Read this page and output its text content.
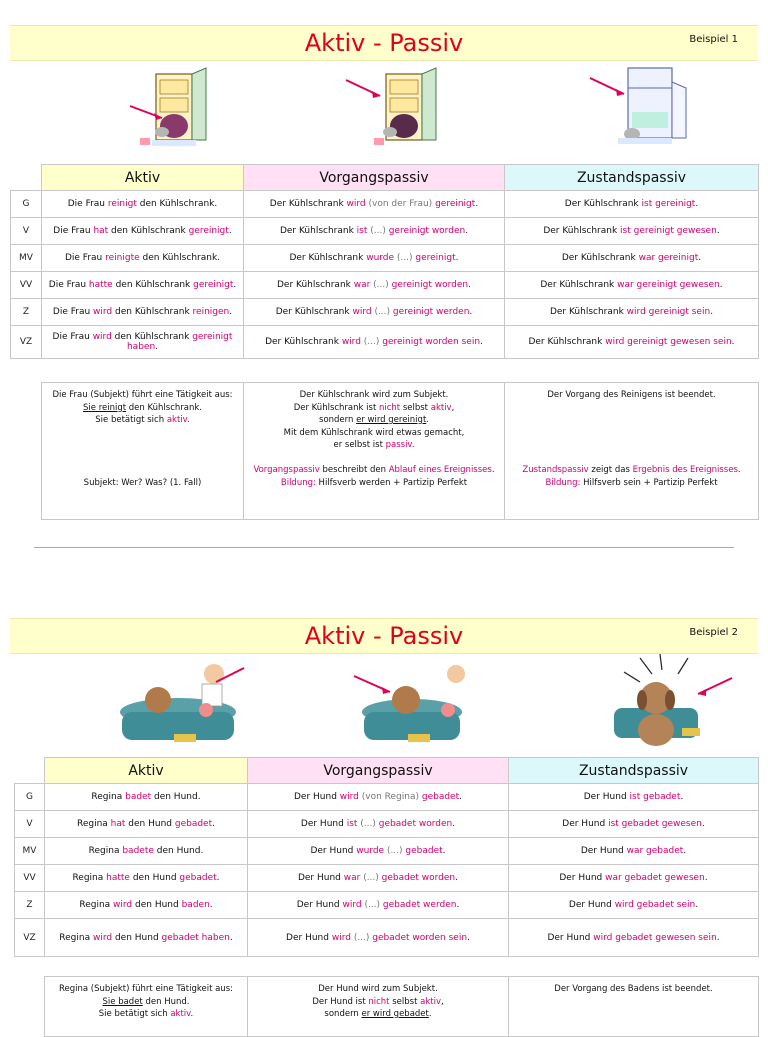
Aktiv - Passiv	Beispiel 1
	Aktiv	Vorgangspassiv	Zustandspassiv
G	Die Frau reinigt den Kühlschrank.	Der Kühlschrank wird (von der Frau) gereinigt.	Der Kühlschrank ist gereinigt.
V	Die Frau hat den Kühlschrank gereinigt.	Der Kühlschrank ist (...) gereinigt worden.	Der Kühlschrank ist gereinigt gewesen.
MV	Die Frau reinigte den Kühlschrank.	Der Kühlschrank wurde (...) gereinigt.	Der Kühlschrank war gereinigt.
VV	Die Frau hatte den Kühlschrank gereinigt.	Der Kühlschrank war (...) gereinigt worden.	Der Kühlschrank war gereinigt gewesen.
Z	Die Frau wird den Kühlschrank reinigen.	Der Kühlschrank wird (...) gereinigt werden.	Der Kühlschrank wird gereinigt sein.
VZ	Die Frau wird den Kühlschrank gereinigt haben.	Der Kühlschrank wird (...) gereinigt worden sein.	Der Kühlschrank wird gereinigt gewesen sein.
Die Frau (Subjekt) führt eine Tätigkeit aus:
Sie reinigt den Kühlschrank.
Sie betätigt sich aktiv.
Subjekt: Wer? Was? (1. Fall)

Der Kühlschrank wird zum Subjekt.
Der Kühlschrank ist nicht selbst aktiv,
sondern er wird gereinigt.
Mit dem Kühlschrank wird etwas gemacht,
er selbst ist passiv.
Vorgangspassiv beschreibt den Ablauf eines Ereignisses.
Bildung: Hilfsverb werden + Partizip Perfekt

Der Vorgang des Reinigens ist beendet.
Zustandspassiv zeigt das Ergebnis des Ereignisses.
Bildung: Hilfsverb sein + Partizip Perfekt
Aktiv - Passiv	Beispiel 2
	Aktiv	Vorgangspassiv	Zustandspassiv
G	Regina badet den Hund.	Der Hund wird (von Regina) gebadet.	Der Hund ist gebadet.
V	Regina hat den Hund gebadet.	Der Hund ist (...) gebadet worden.	Der Hund ist gebadet gewesen.
MV	Regina badete den Hund.	Der Hund wurde (...) gebadet.	Der Hund war gebadet.
VV	Regina hatte den Hund gebadet.	Der Hund war (...) gebadet worden.	Der Hund war gebadet gewesen.
Z	Regina wird den Hund baden.	Der Hund wird (...) gebadet werden.	Der Hund wird gebadet sein.
VZ	Regina wird den Hund gebadet haben.	Der Hund wird (...) gebadet worden sein.	Der Hund wird gebadet gewesen sein.
Regina (Subjekt) führt eine Tätigkeit aus:
Sie badet den Hund.
Sie betätigt sich aktiv.

Der Hund wird zum Subjekt.
Der Hund ist nicht selbst aktiv,
sondern er wird gebadet.

Der Vorgang des Badens ist beendet.
